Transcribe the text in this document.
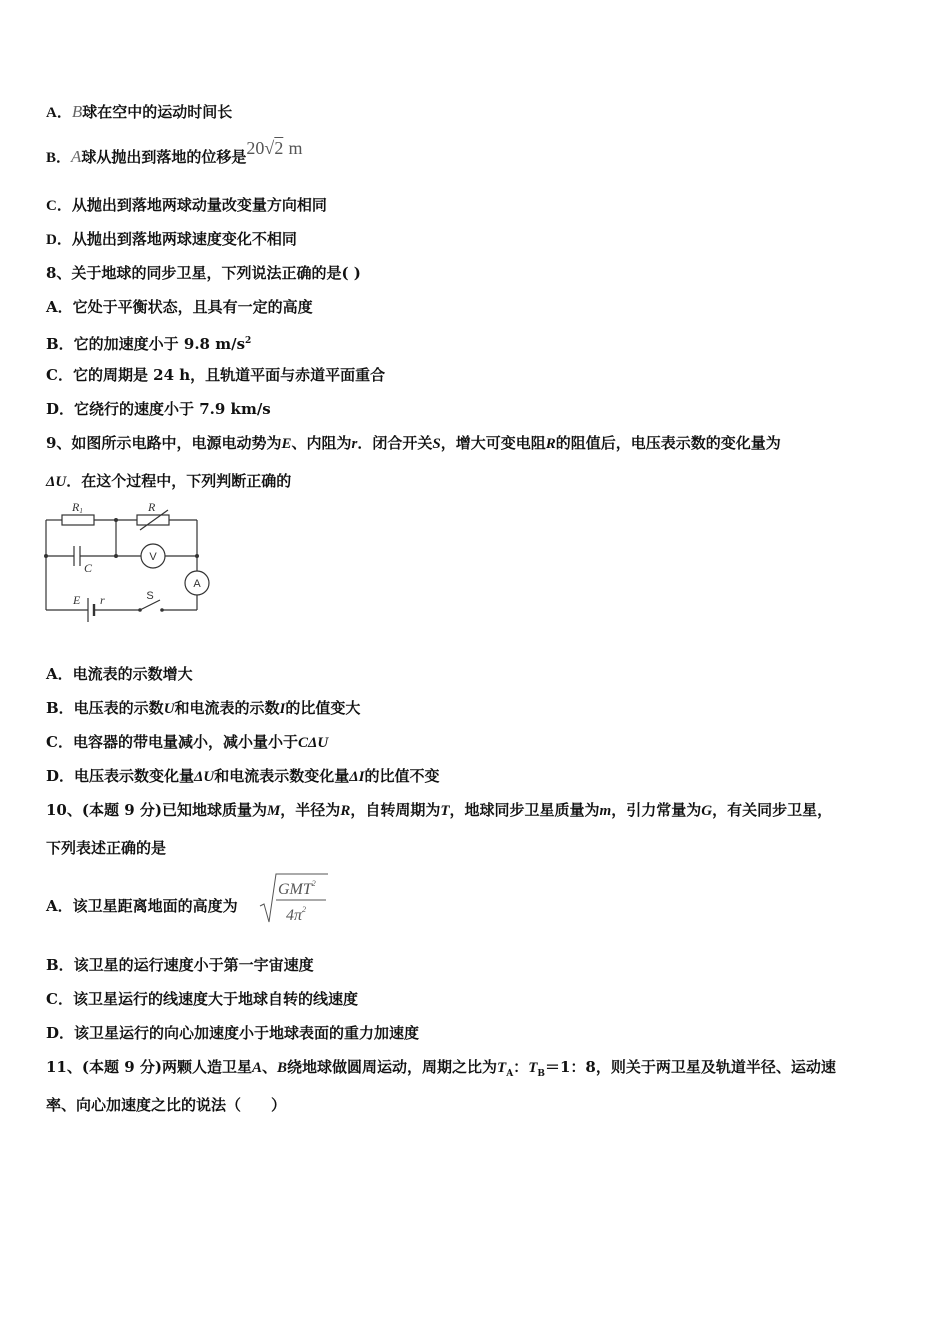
A．B球在空中的运动时间长
B．A球从抛出到落地的位移是20√2 m
C．从抛出到落地两球动量改变量方向相同
D．从抛出到落地两球速度变化不相同
8、关于地球的同步卫星，下列说法正确的是( )
A．它处于平衡状态，且具有一定的高度
B．它的加速度小于 9.8 $m/s^2$
C．它的周期是 24 h，且轨道平面与赤道平面重合
D．它绕行的速度小于 7.9 km/s
9、如图所示电路中，电源电动势为E、内阻为r．闭合开关S，增大可变电阻R的阻值后，电压表示数的变化量为
ΔU．在这个过程中，下列判断正确的
R1	R
C
E r
V
A
S
A．电流表的示数增大
B．电压表的示数U和电流表的示数I的比值变大
C．电容器的带电量减小，减小量小于CΔU
D．电压表示数变化量ΔU和电流表示数变化量ΔI的比值不变
10、(本题 9 分)已知地球质量为M，半径为R，自转周期为T，地球同步卫星质量为m，引力常量为G，有关同步卫星，
下列表述正确的是
A．该卫星距离地面的高度为
GMT$^2$
$4\pi^2$
B．该卫星的运行速度小于第一宇宙速度
C．该卫星运行的线速度大于地球自转的线速度
D．该卫星运行的向心加速度小于地球表面的重力加速度
11、(本题 9 分)两颗人造卫星A、B绕地球做圆周运动，周期之比为$T_A$：$T_B=1$：8，则关于两卫星及轨道半径、运动速
率、向心加速度之比的说法（　　）
